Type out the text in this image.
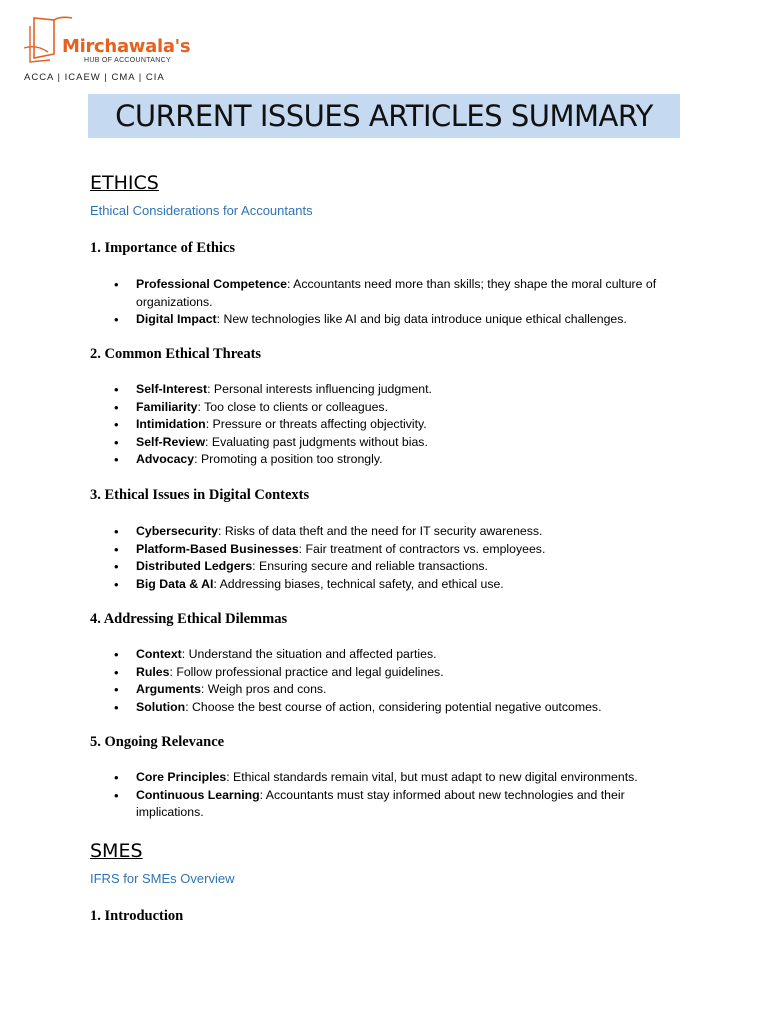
Mirchawala's
HUB OF ACCOUNTANCY
ACCA | ICAEW | CMA | CIA
CURRENT ISSUES ARTICLES SUMMARY
ETHICS
Ethical Considerations for Accountants
1. Importance of Ethics
• Professional Competence: Accountants need more than skills; they shape the moral culture of organizations.
• Digital Impact: New technologies like AI and big data introduce unique ethical challenges.
2. Common Ethical Threats
• Self-Interest: Personal interests influencing judgment.
• Familiarity: Too close to clients or colleagues.
• Intimidation: Pressure or threats affecting objectivity.
• Self-Review: Evaluating past judgments without bias.
• Advocacy: Promoting a position too strongly.
3. Ethical Issues in Digital Contexts
• Cybersecurity: Risks of data theft and the need for IT security awareness.
• Platform-Based Businesses: Fair treatment of contractors vs. employees.
• Distributed Ledgers: Ensuring secure and reliable transactions.
• Big Data & AI: Addressing biases, technical safety, and ethical use.
4. Addressing Ethical Dilemmas
• Context: Understand the situation and affected parties.
• Rules: Follow professional practice and legal guidelines.
• Arguments: Weigh pros and cons.
• Solution: Choose the best course of action, considering potential negative outcomes.
5. Ongoing Relevance
• Core Principles: Ethical standards remain vital, but must adapt to new digital environments.
• Continuous Learning: Accountants must stay informed about new technologies and their implications.
SMES
IFRS for SMEs Overview
1. Introduction
